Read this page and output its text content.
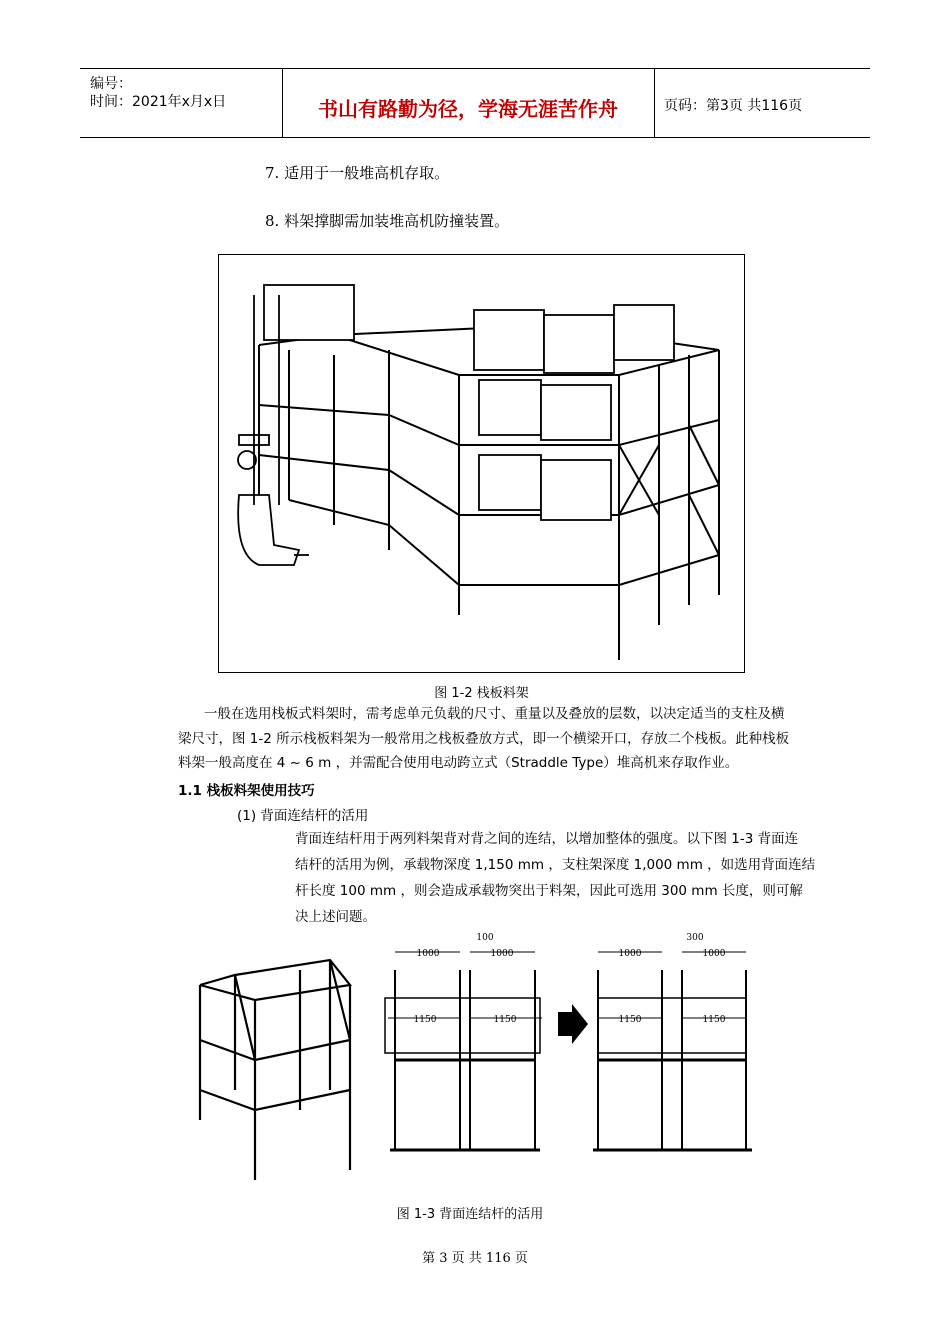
编号：
时间：2021年x月x日	书山有路勤为径，学海无涯苦作舟	页码：第3页 共116页
7. 适用于一般堆高机存取。
8. 料架撑脚需加装堆高机防撞装置。
图 1-2 栈板料架
一般在选用栈板式料架时，需考虑单元负载的尺寸、重量以及叠放的层数，以决定适当的支柱及横
梁尺寸，图 1-2 所示栈板料架为一般常用之栈板叠放方式，即一个横梁开口，存放二个栈板。此种栈板
料架一般高度在 4 ~ 6 m ，并需配合使用电动跨立式（Straddle Type）堆高机来存取作业。
1.1 栈板料架使用技巧
(1) 背面连结杆的活用
背面连结杆用于两列料架背对背之间的连结，以增加整体的强度。以下图 1-3 背面连
结杆的活用为例，承载物深度 1,150 mm ，支柱架深度 1,000 mm ，如选用背面连结
杆长度 100 mm ，则会造成承载物突出于料架，因此可选用 300 mm 长度，则可解
决上述问题。
1000
100
1000
1150	1150
1000
300
1000
1150	1150
图 1-3 背面连结杆的活用
第 3 页 共 116 页
